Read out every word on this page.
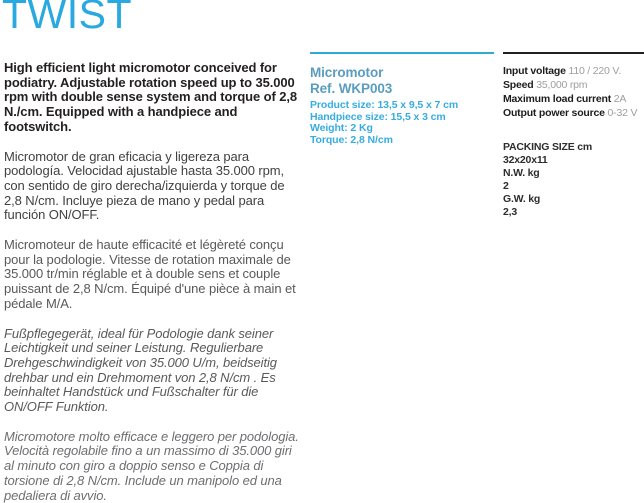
TWIST

High efficient light micromotor conceived for podiatry. Adjustable rotation speed up to 35.000 rpm with double sense system and torque of 2,8 N./cm. Equipped with a handpiece and footswitch.

Micromotor de gran eficacia y ligereza para podología. Velocidad ajustable hasta 35.000 rpm, con sentido de giro derecha/izquierda y torque de 2,8 N/cm. Incluye pieza de mano y pedal para función ON/OFF.

Micromoteur de haute efficacité et légèreté conçu pour la podologie. Vitesse de rotation maximale de 35.000 tr/min réglable et à double sens et couple puissant de 2,8 N/cm. Équipé d'une pièce à main et pédale M/A.

Fußpflegegerät, ideal für Podologie dank seiner Leichtigkeit und seiner Leistung. Regulierbare Drehgeschwindigkeit von 35.000 U/m, beidseitig drehbar und ein Drehmoment von 2,8 N/cm . Es beinhaltet Handstück und Fußschalter für die ON/OFF Funktion.

Micromotore molto efficace e leggero per podologia. Velocità regolabile fino a un massimo di 35.000 giri al minuto con giro a doppio senso e Coppia di torsione di 2,8 N/cm. Include un manipolo ed una pedaliera di avvio.

Micromotor
Ref. WKP003
Product size: 13,5 x 9,5 x 7 cm
Handpiece size: 15,5 x 3 cm
Weight: 2 Kg
Torque: 2,8 N/cm
Input voltage 110 / 220 V.
Speed 35,000 rpm
Maximum load current 2A
Output power source 0-32 V
PACKING SIZE cm
32x20x11
N.W. kg
2
G.W. kg
2,3
